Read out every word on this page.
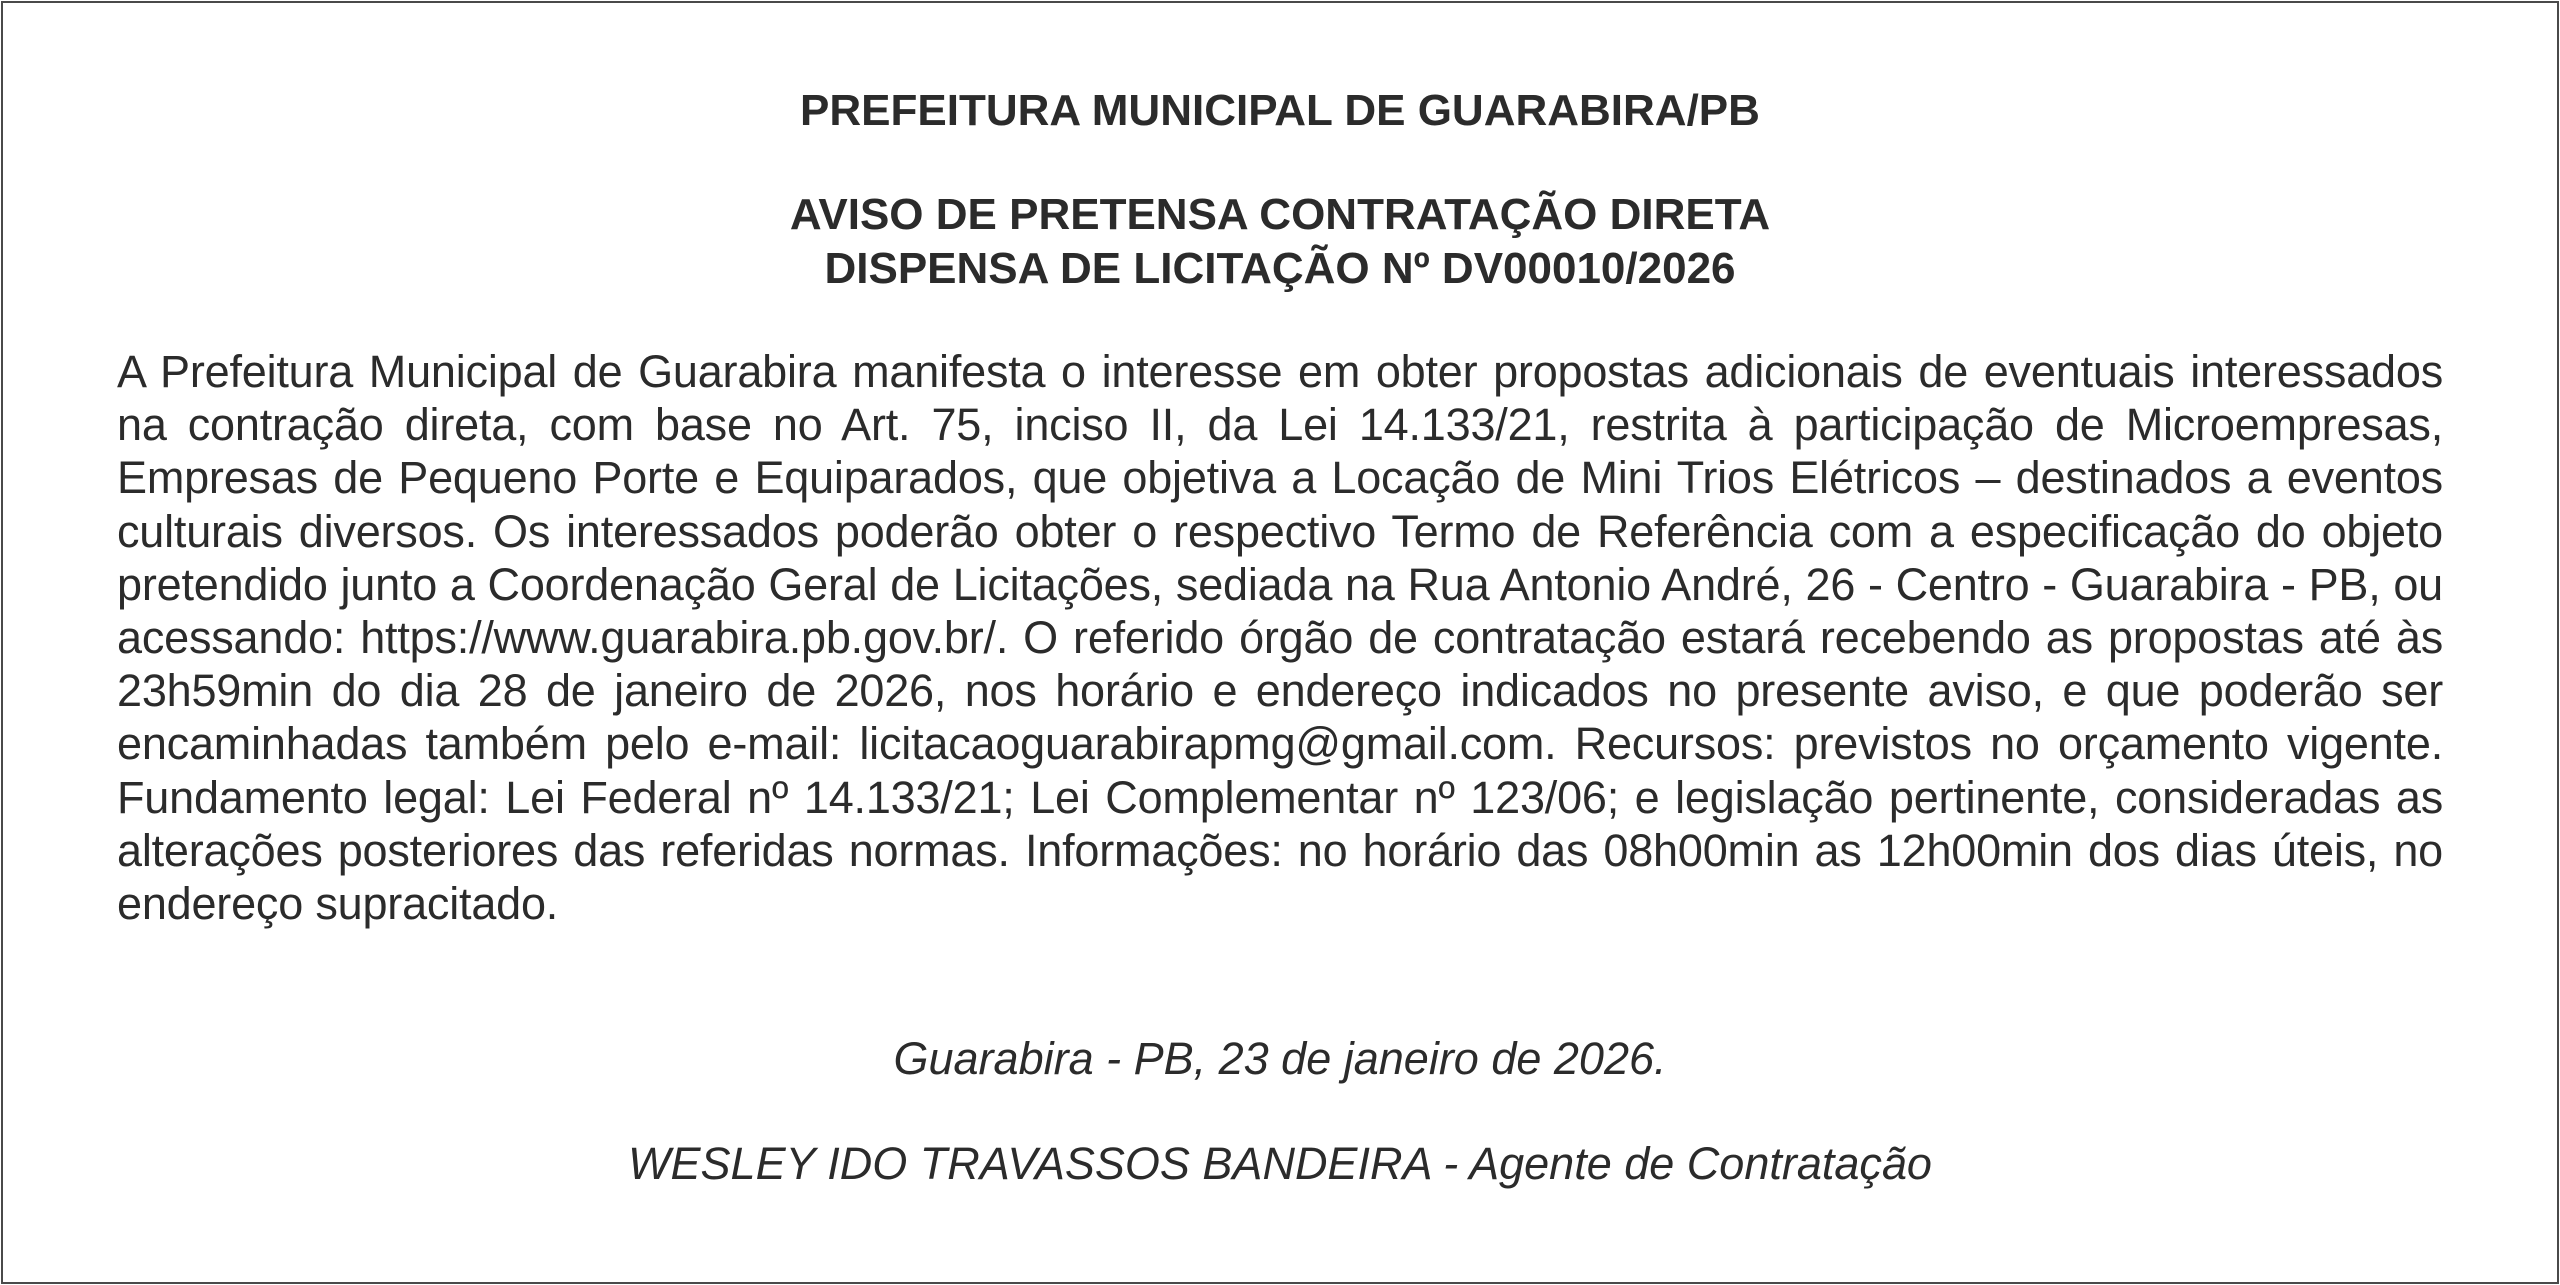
PREFEITURA MUNICIPAL DE GUARABIRA/PB
AVISO DE PRETENSA CONTRATAÇÃO DIRETA
DISPENSA DE LICITAÇÃO Nº DV00010/2026

A Prefeitura Municipal de Guarabira manifesta o interesse em obter propostas adicionais de eventuais interessados na contração direta, com base no Art. 75, inciso II, da Lei 14.133/21, restrita à participação de Microempresas, Empresas de Pequeno Porte e Equiparados, que objetiva a Locação de Mini Trios Elétricos – destinados a eventos culturais diversos. Os interessados poderão obter o respectivo Termo de Referência com a especificação do objeto pretendido junto a Coordenação Geral de Licitações, sediada na Rua Antonio André, 26 - Centro - Guarabira - PB, ou acessando: https://www.guarabira.pb.gov.br/. O referido órgão de contratação estará recebendo as propostas até às 23h59min do dia 28 de janeiro de 2026, nos horário e endereço indicados no presente aviso, e que poderão ser encaminhadas também pelo e-mail: licitacaoguarabirapmg@gmail.com. Recursos: previstos no orçamento vigente. Fundamento legal: Lei Federal nº 14.133/21; Lei Complementar nº 123/06; e legislação pertinente, consideradas as alterações posteriores das referidas normas. Informações: no horário das 08h00min as 12h00min dos dias úteis, no endereço supracitado.

Guarabira - PB, 23 de janeiro de 2026.

WESLEY IDO TRAVASSOS BANDEIRA - Agente de Contratação
